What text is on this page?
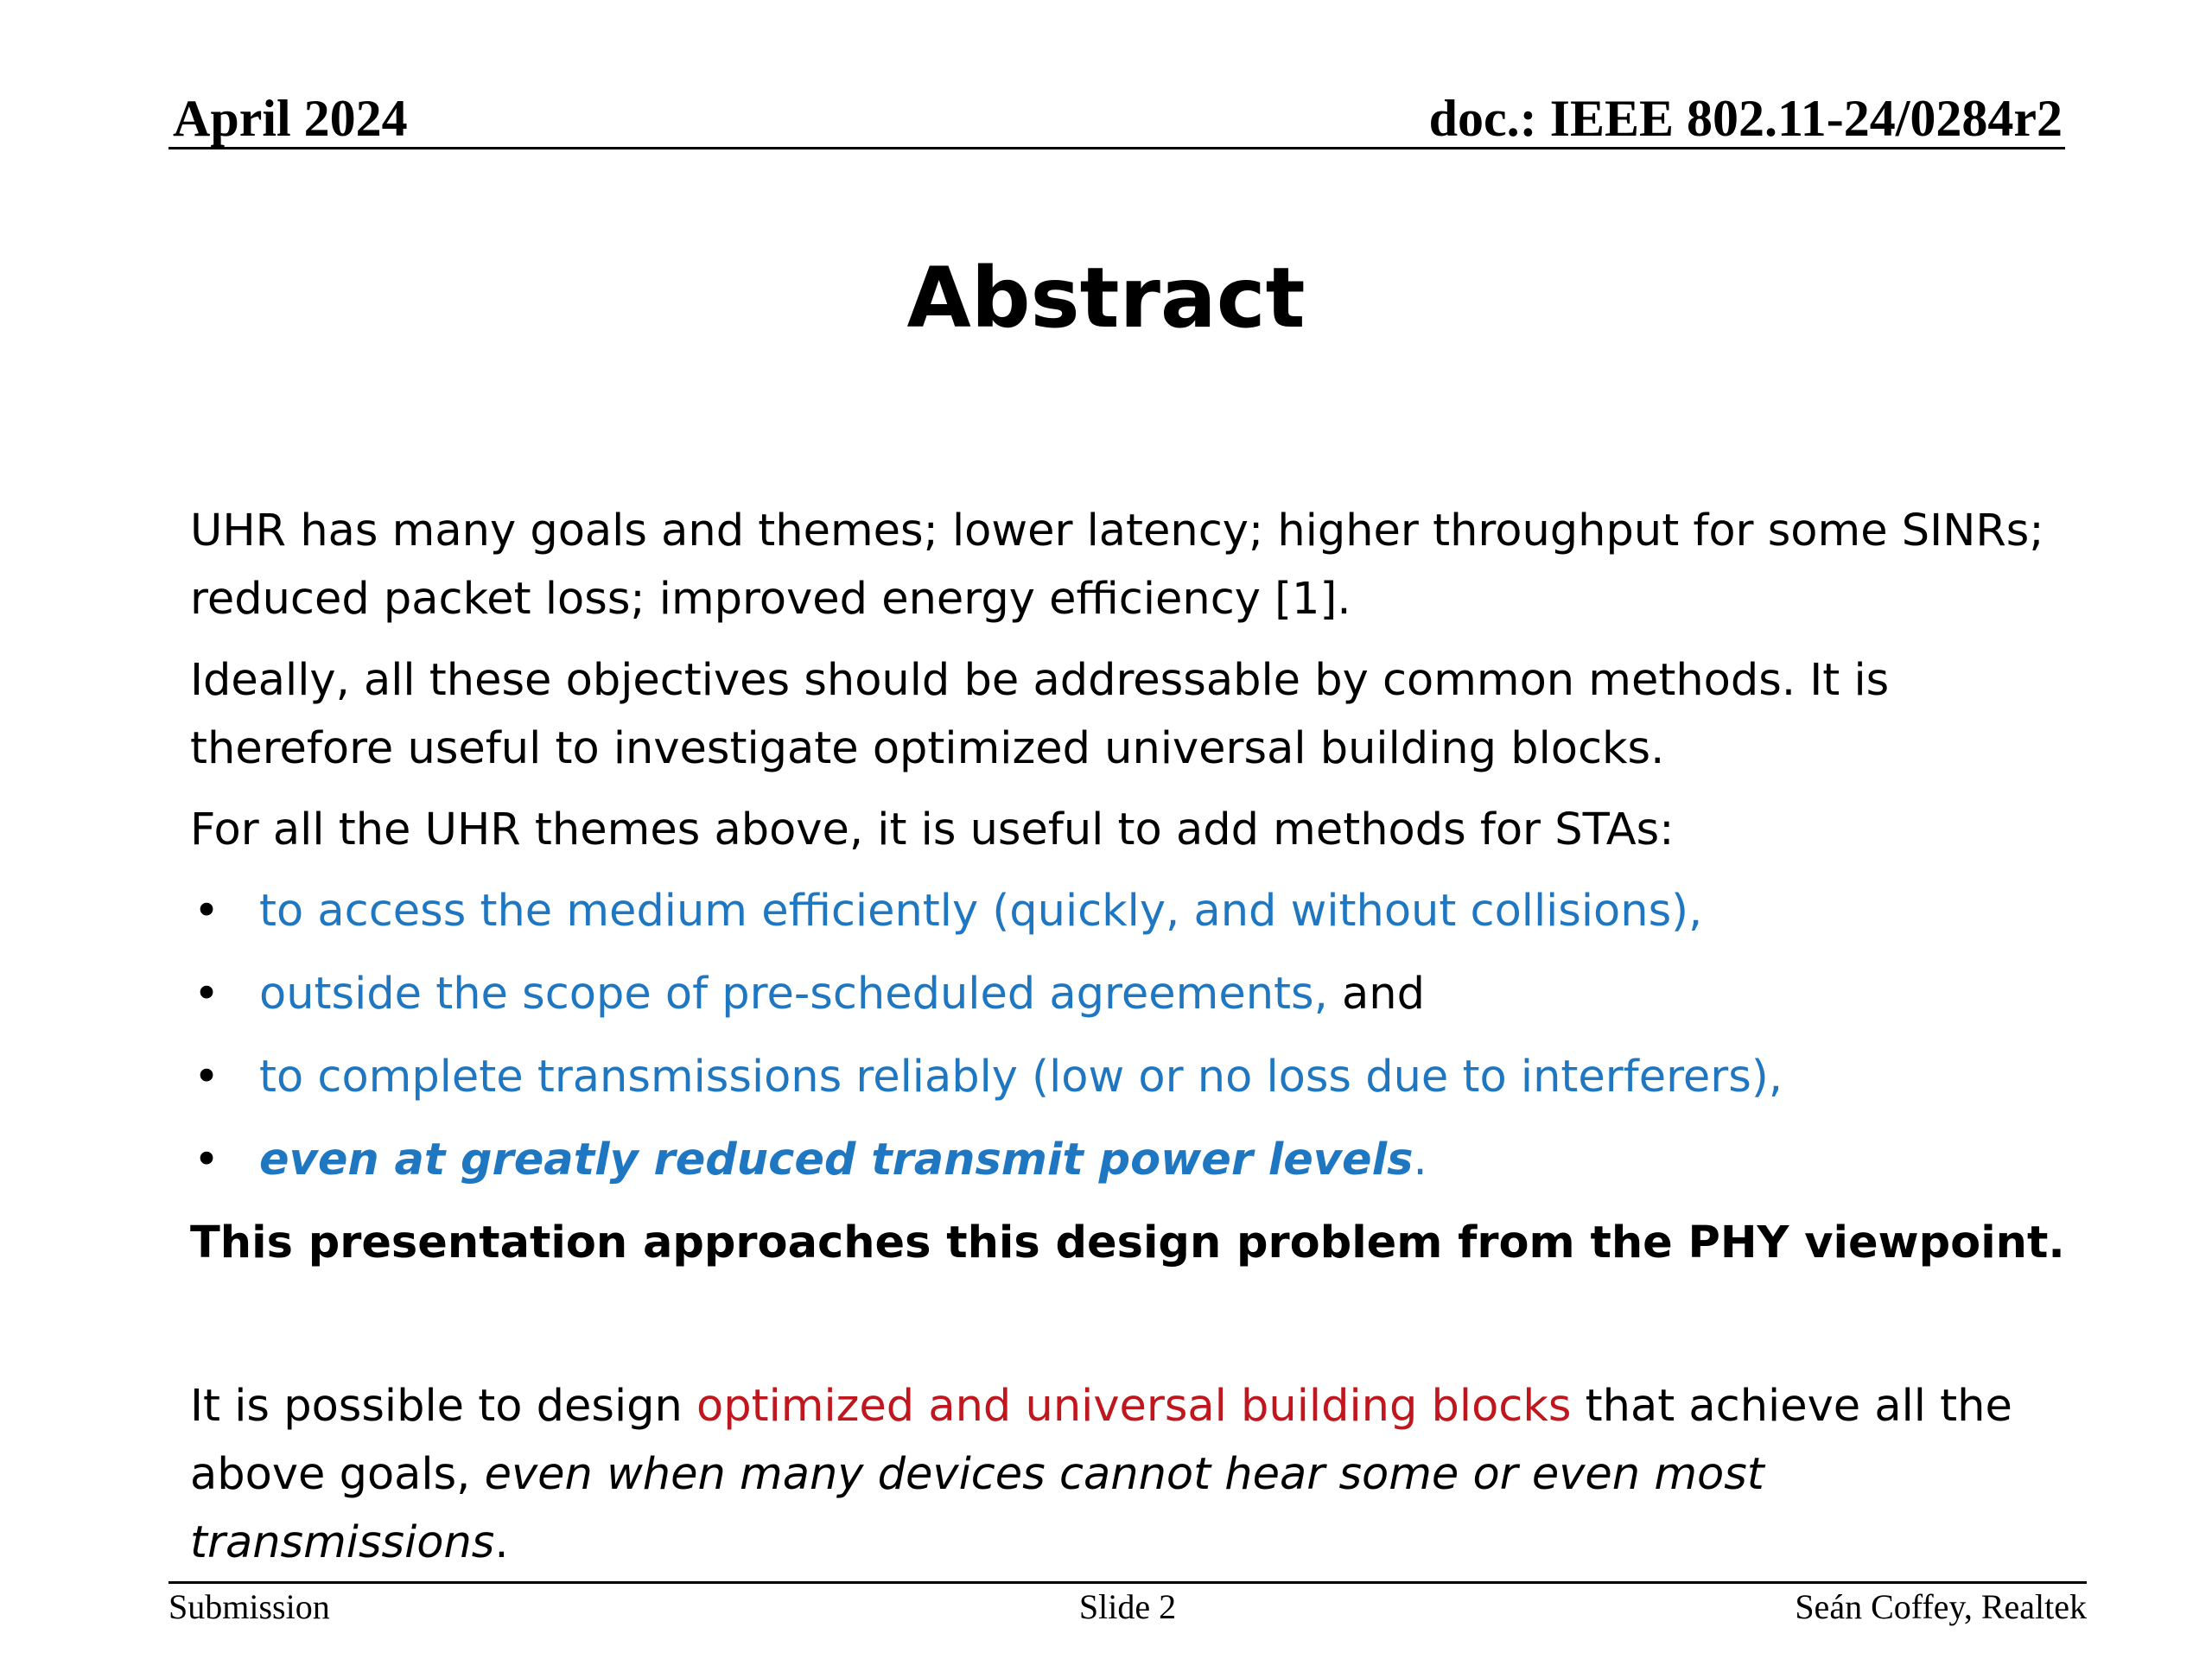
April 2024	doc.: IEEE 802.11-24/0284r2
Abstract
UHR has many goals and themes; lower latency; higher throughput for some SINRs; reduced packet loss; improved energy efficiency [1].
Ideally, all these objectives should be addressable by common methods. It is therefore useful to investigate optimized universal building blocks.
For all the UHR themes above, it is useful to add methods for STAs:
• to access the medium efficiently (quickly, and without collisions),
• outside the scope of pre-scheduled agreements, and
• to complete transmissions reliably (low or no loss due to interferers),
• even at greatly reduced transmit power levels.
This presentation approaches this design problem from the PHY viewpoint.
It is possible to design optimized and universal building blocks that achieve all the above goals, even when many devices cannot hear some or even most transmissions.
Submission	Slide 2	Seán Coffey, Realtek
